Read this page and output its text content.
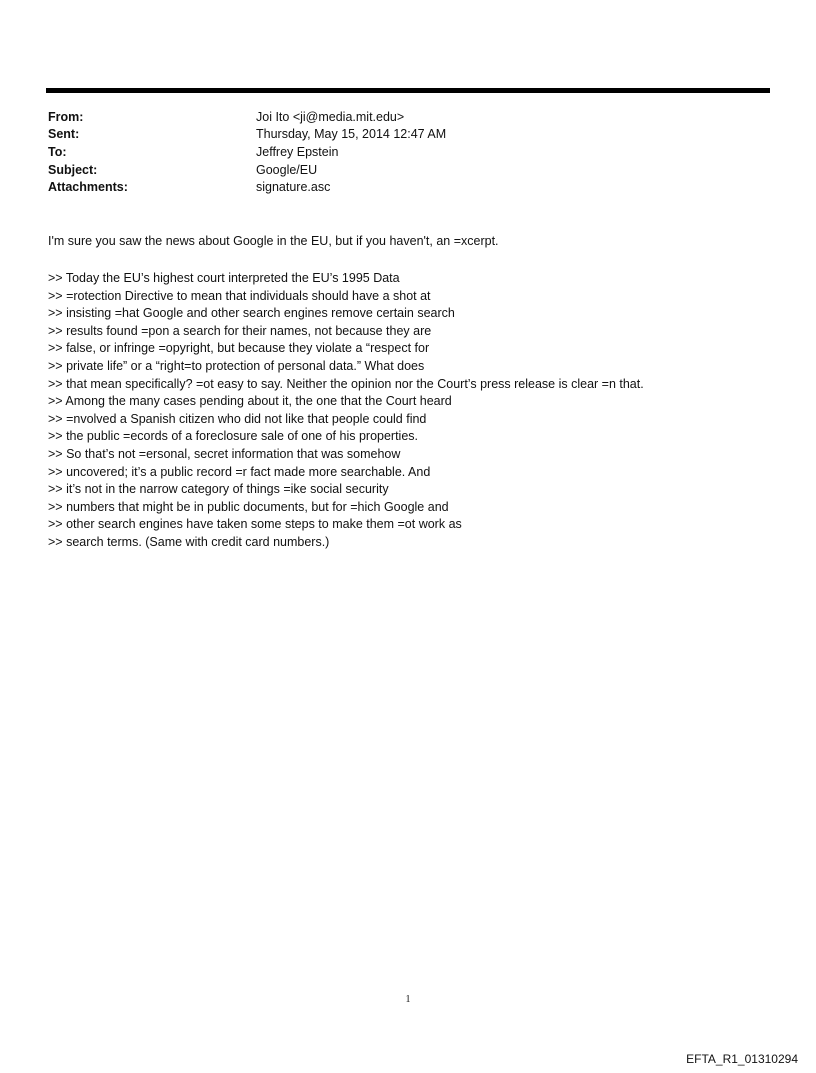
From:	Joi Ito <ji@media.mit.edu>
Sent:	Thursday, May 15, 2014 12:47 AM
To:	Jeffrey Epstein
Subject:	Google/EU
Attachments:	signature.asc
I'm sure you saw the news about Google in the EU, but if you haven't, an =xcerpt.
>> Today the EU’s highest court interpreted the EU’s 1995 Data
>> =rotection Directive to mean that individuals should have a shot at
>> insisting =hat Google and other search engines remove certain search
>> results found =pon a search for their names, not because they are
>> false, or infringe =opyright, but because they violate a “respect for
>> private life” or a “right=to protection of personal data.” What does
>> that mean specifically? =ot easy to say. Neither the opinion nor the Court’s press release is clear =n that.
>> Among the many cases pending about it, the one that the Court heard
>> =nvolved a Spanish citizen who did not like that people could find
>> the public =ecords of a foreclosure sale of one of his properties.
>> So that’s not =ersonal, secret information that was somehow
>> uncovered; it’s a public record =r fact made more searchable. And
>> it’s not in the narrow category of things =ike social security
>> numbers that might be in public documents, but for =hich Google and
>> other search engines have taken some steps to make them =ot work as
>> search terms. (Same with credit card numbers.)
1
EFTA_R1_01310294
